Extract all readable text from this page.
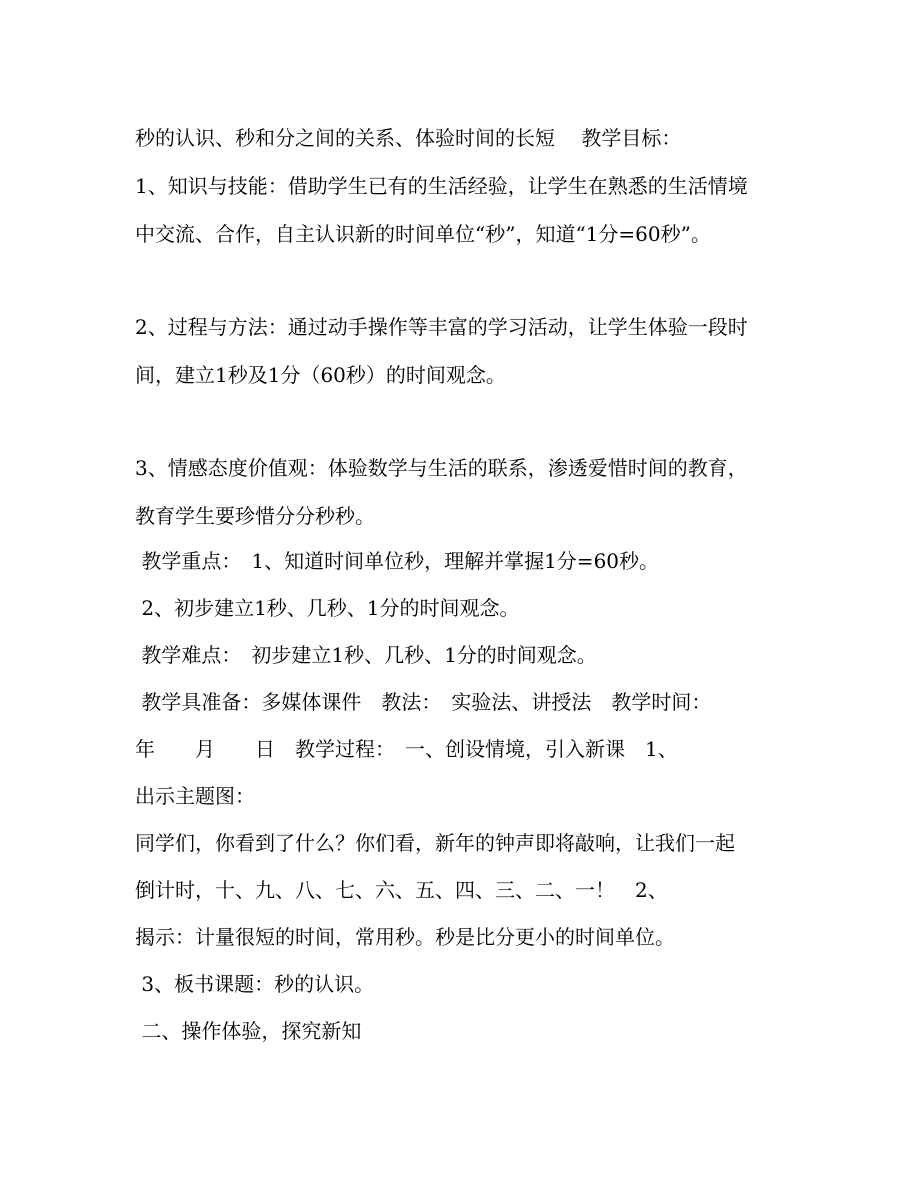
秒的认识、秒和分之间的关系、体验时间的长短　 教学目标：
1、知识与技能：借助学生已有的生活经验，让学生在熟悉的生活情境
中交流、合作，自主认识新的时间单位“秒”，知道“1分=60秒”。
2、过程与方法：通过动手操作等丰富的学习活动，让学生体验一段时
间，建立1秒及1分（60秒）的时间观念。
3、情感态度价值观：体验数学与生活的联系，渗透爱惜时间的教育，
教育学生要珍惜分分秒秒。
教学重点：　1、知道时间单位秒，理解并掌握1分=60秒。
2、初步建立1秒、几秒、1分的时间观念。
教学难点：　初步建立1秒、几秒、1分的时间观念。
教学具准备：多媒体课件　教法：　实验法、讲授法　教学时间：
年　　月　　日　教学过程：　一、创设情境，引入新课　1、
出示主题图：
同学们，你看到了什么？你们看，新年的钟声即将敲响，让我们一起
倒计时，十、九、八、七、六、五、四、三、二、一！　2、
揭示：计量很短的时间，常用秒。秒是比分更小的时间单位。
3、板书课题：秒的认识。
二、操作体验，探究新知
